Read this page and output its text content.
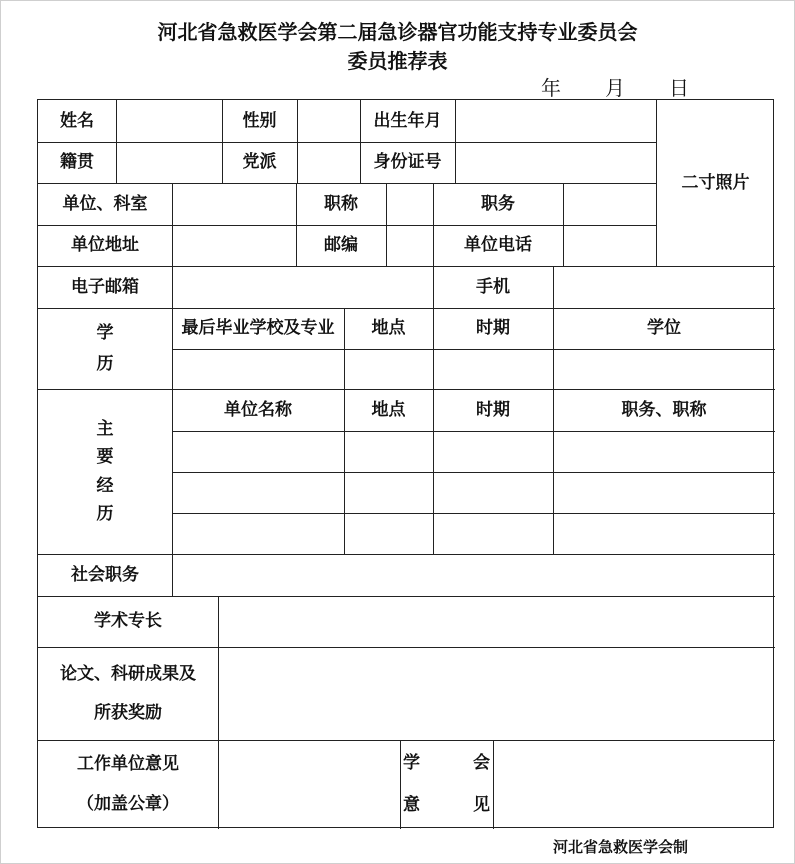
河北省急救医学会第二届急诊器官功能支持专业委员会
委员推荐表
年 月 日
姓名	性别	出生年月
二寸照片
籍贯	党派	身份证号
单位、科室	职称	职务
单位地址	邮编	单位电话
电子邮箱	手机
学
历
最后毕业学校及专业	地点	时期	学位
主
要
经
历
单位名称	地点	时期	职务、职称
社会职务
学术专长
论文、科研成果及
所获奖励
工作单位意见
（加盖公章）
学	会
意	见
河北省急救医学会制
